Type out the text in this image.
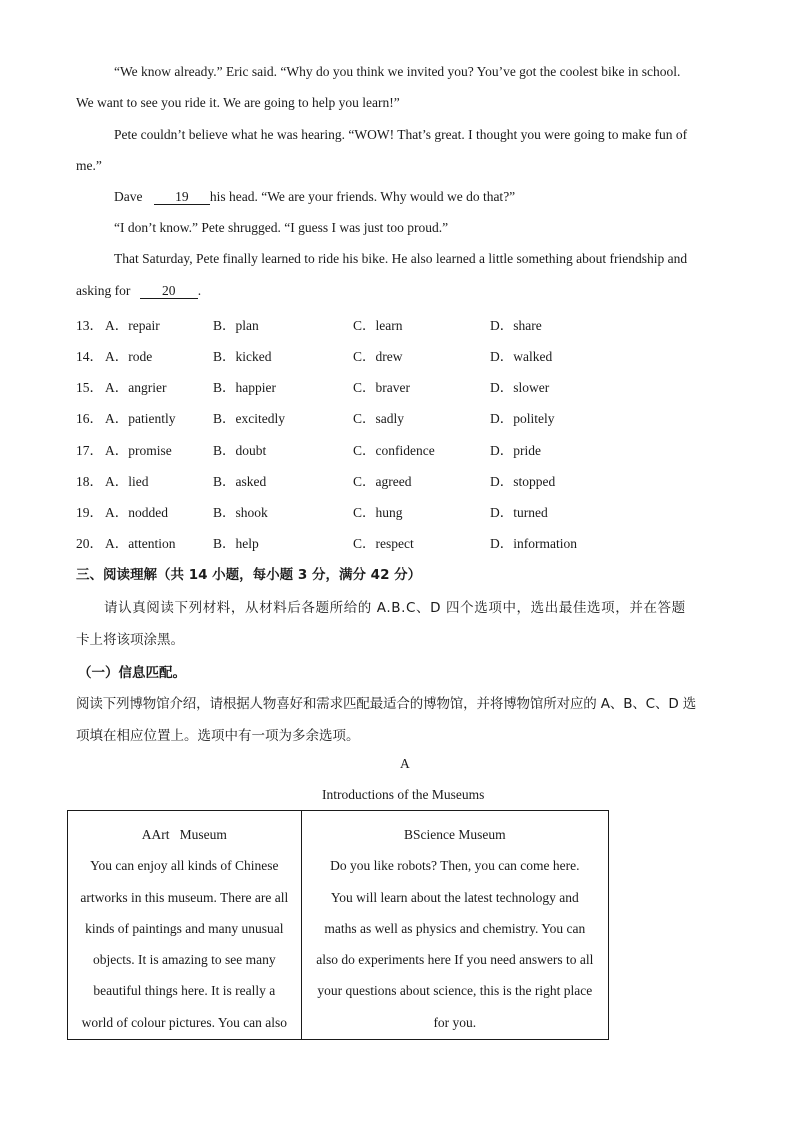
“We know already.” Eric said. “Why do you think we invited you? You’ve got the coolest bike in school.
We want to see you ride it. We are going to help you learn!”
Pete couldn’t believe what he was hearing. “WOW! That’s great. I thought you were going to make fun of
me.”
Dave 19 his head. “We are your friends. Why would we do that?”
“I don’t know.” Pete shrugged. “I guess I was just too proud.”
That Saturday, Pete finally learned to ride his bike. He also learned a little something about friendship and
asking for 20 .
13． A．repair	B．plan	C．learn	D．share
14． A．rode	B．kicked	C．drew	D．walked
15． A．angrier	B．happier	C．braver	D．slower
16． A．patiently	B．excitedly	C．sadly	D．politely
17． A．promise	B．doubt	C．confidence	D．pride
18． A．lied	B．asked	C．agreed	D．stopped
19． A．nodded	B．shook	C．hung	D．turned
20． A．attention	B．help	C．respect	D．information
三、阅读理解（共 14 小题，每小题 3 分，满分 42 分）
请认真阅读下列材料，从材料后各题所给的 A.B.C、D 四个选项中，选出最佳选项，并在答题
卡上将该项涂黑。
（一）信息匹配。
阅读下列博物馆介绍，请根据人物喜好和需求匹配最适合的博物馆，并将博物馆所对应的 A、B、C、D 选
项填在相应位置上。选项中有一项为多余选项。
A
Introductions of the Museums
AArt   Museum
You can enjoy all kinds of Chinese
artworks in this museum. There are all
kinds of paintings and many unusual
objects. It is amazing to see many
beautiful things here. It is really a
world of colour pictures. You can also

BScience Museum
Do you like robots? Then, you can come here.
You will learn about the latest technology and
maths as well as physics and chemistry. You can
also do experiments here If you need answers to all
your questions about science, this is the right place
for you.
